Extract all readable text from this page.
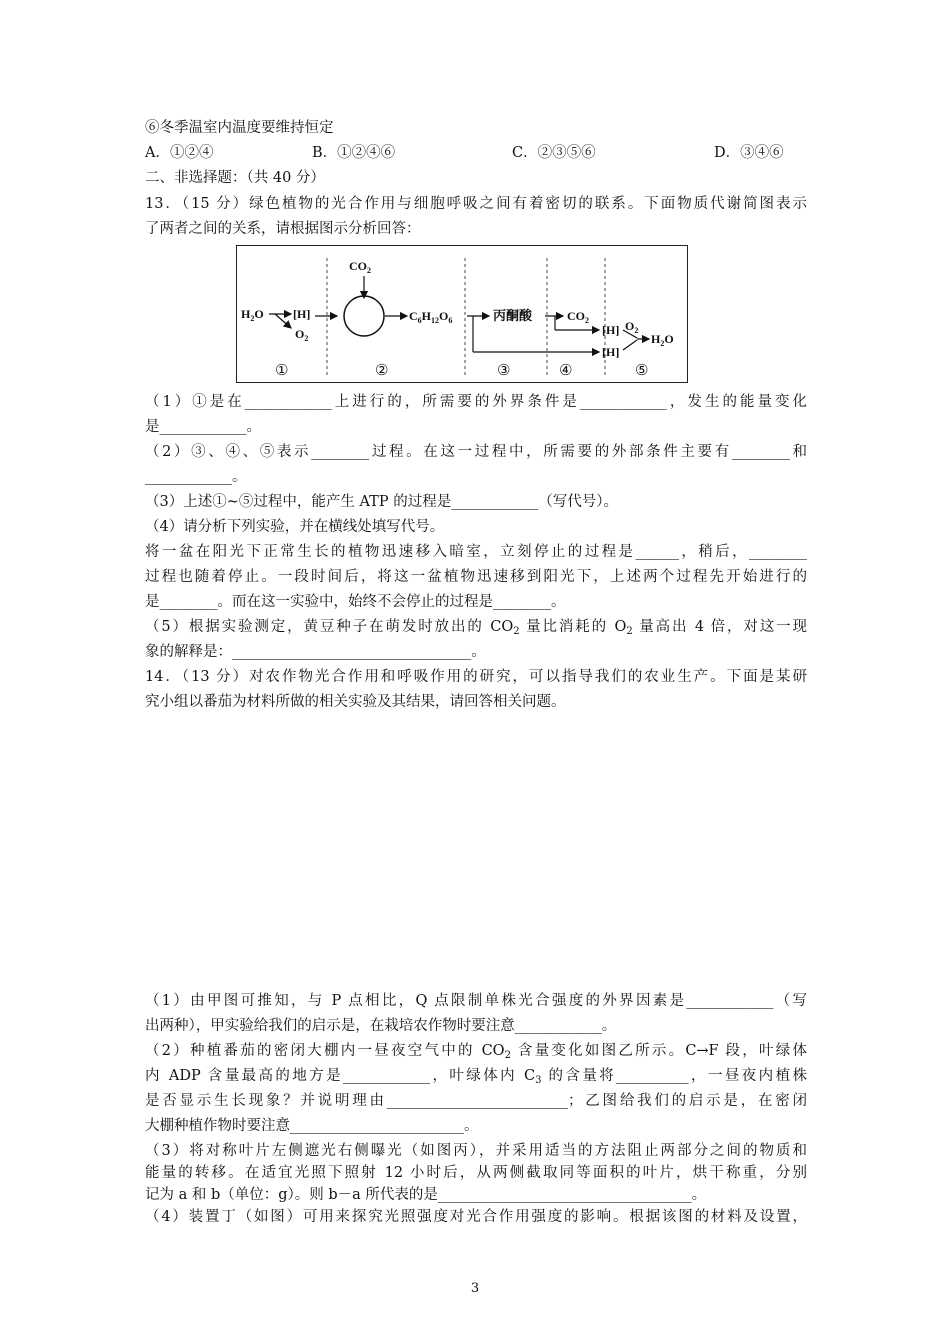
⑥冬季温室内温度要维持恒定
A．①②④	B．①②④⑥	C．②③⑤⑥	D．③④⑥
二、非选择题：（共 40 分）
13．（15 分）绿色植物的光合作用与细胞呼吸之间有着密切的联系。下面物质代谢简图表示
了两者之间的关系，请根据图示分析回答：
$H_2O$ [H]
$O_2$
$CO_2$
$C_6H_{12}O_6$	丙酮酸	$CO_2$
[H]
[H]
$O_2$
$H_2O$
①	②	③	④	⑤
（1）①是在____________上进行的，所需要的外界条件是____________，发生的能量变化
是____________。
（2）③、④、⑤表示________过程。在这一过程中，所需要的外部条件主要有________和
____________。
（3）上述①~⑤过程中，能产生 ATP 的过程是____________（写代号）。
（4）请分析下列实验，并在横线处填写代号。
将一盆在阳光下正常生长的植物迅速移入暗室，立刻停止的过程是______，稍后，________
过程也随着停止。一段时间后，将这一盆植物迅速移到阳光下，上述两个过程先开始进行的
是________。而在这一实验中，始终不会停止的过程是________。
（5）根据实验测定，黄豆种子在萌发时放出的 $CO_2$ 量比消耗的 $O_2$ 量高出 4 倍，对这一现
象的解释是：_________________________________。
14．（13 分）对农作物光合作用和呼吸作用的研究，可以指导我们的农业生产。下面是某研
究小组以番茄为材料所做的相关实验及其结果，请回答相关问题。
（1）由甲图可推知，与 P 点相比，Q 点限制单株光合强度的外界因素是____________（写
出两种），甲实验给我们的启示是，在栽培农作物时要注意____________。
（2）种植番茄的密闭大棚内一昼夜空气中的 $CO_2$ 含量变化如图乙所示。C→F 段，叶绿体
内 ADP 含量最高的地方是____________，叶绿体内 $C_3$ 的含量将__________，一昼夜内植株
是否显示生长现象？并说明理由_________________________；乙图给我们的启示是，在密闭
大棚种植作物时要注意________________________。
（3）将对称叶片左侧遮光右侧曝光（如图丙），并采用适当的方法阻止两部分之间的物质和
能量的转移。在适宜光照下照射 12 小时后，从两侧截取同等面积的叶片，烘干称重，分别
记为 a 和 b（单位：g）。则 b－a 所代表的是___________________________________。
（4）装置丁（如图）可用来探究光照强度对光合作用强度的影响。根据该图的材料及设置，
3
